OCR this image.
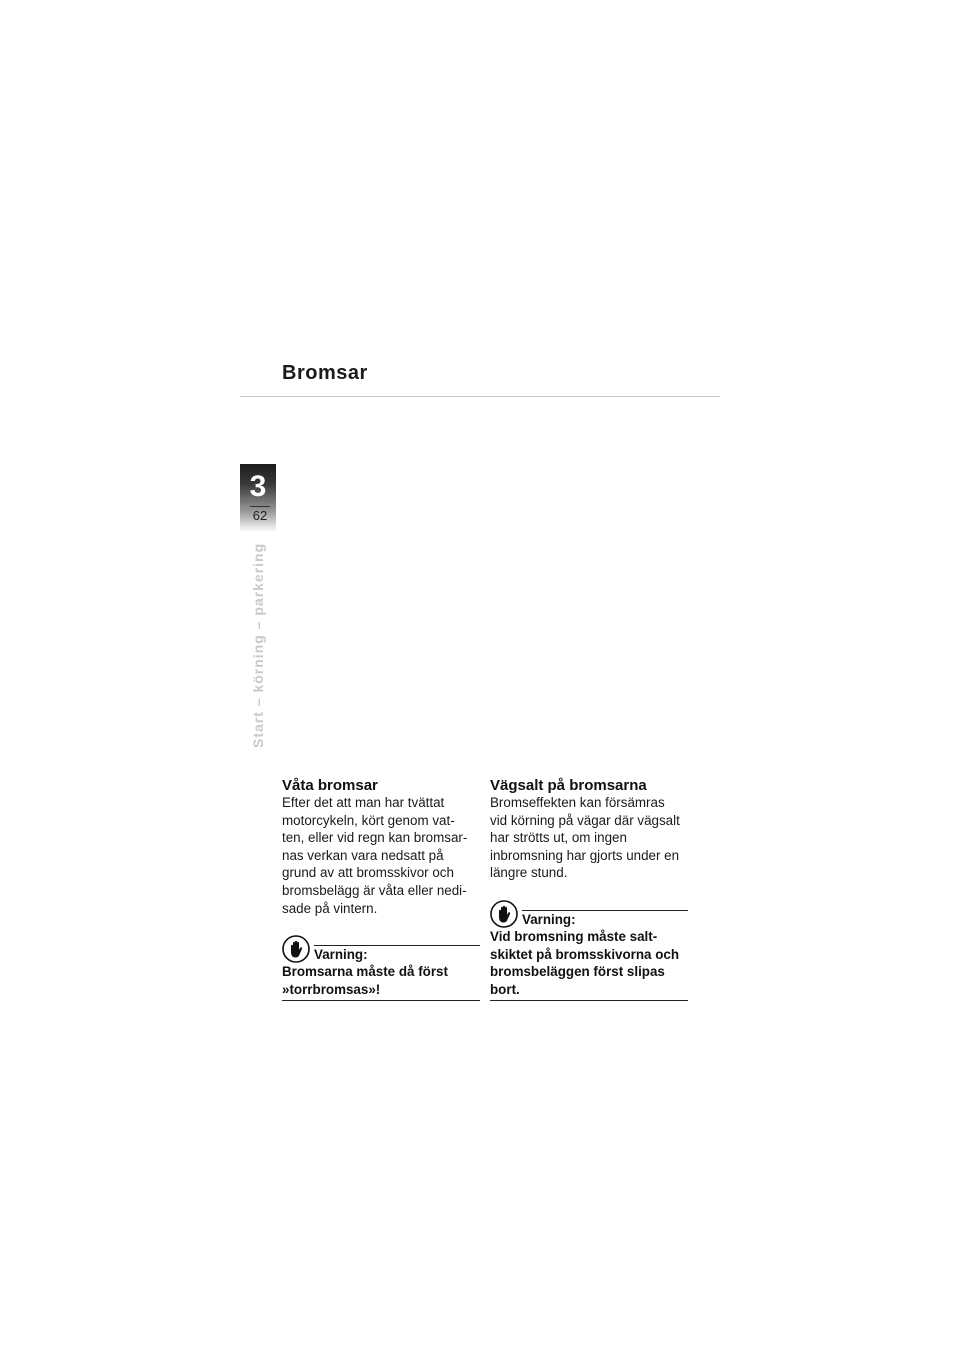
Bromsar
3
62
Start – körning – parkering
Våta bromsar

Efter det att man har tvättat
motorcykeln, kört genom vat-
ten, eller vid regn kan bromsar-
nas verkan vara nedsatt på
grund av att bromsskivor och
bromsbelägg är våta eller nedi-
sade på vintern.

Varning:

Bromsarna måste då först
»torrbromsas»!

Vägsalt på bromsarna

Bromseffekten kan försämras
vid körning på vägar där vägsalt
har strötts ut, om ingen
inbromsning har gjorts under en
längre stund.

Varning:

Vid bromsning måste salt-
skiktet på bromsskivorna och
bromsbeläggen först slipas
bort.
